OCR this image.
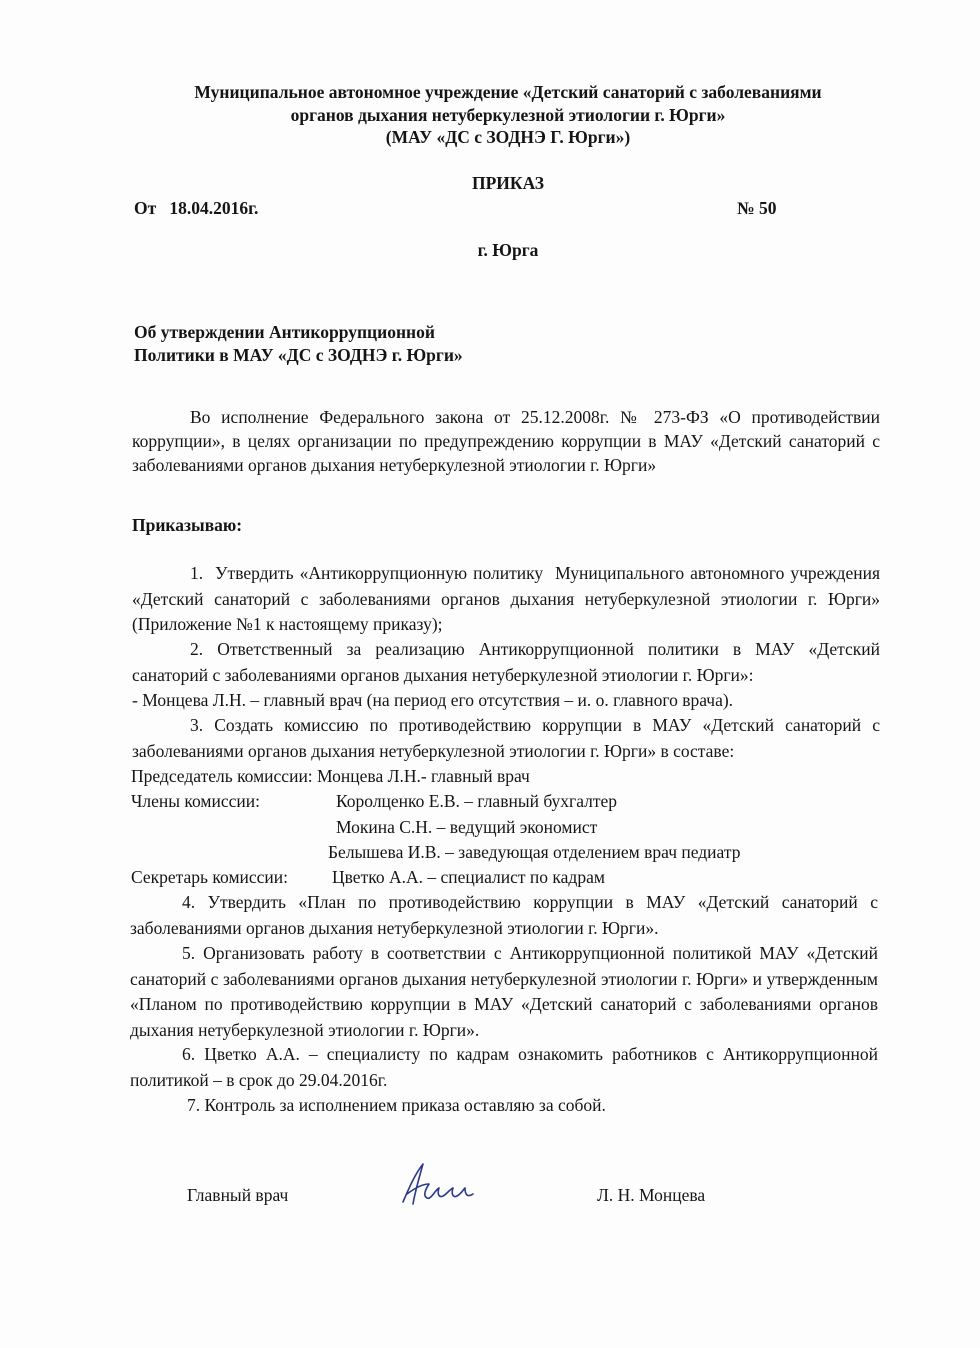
Муниципальное автономное учреждение «Детский санаторий с заболеваниями
органов дыхания нетуберкулезной этиологии г. Юрги»
(МАУ «ДС с ЗОДНЭ Г. Юрги»)
ПРИКАЗ
От   18.04.2016г.	№ 50
г. Юрга
Об утверждении Антикоррупционной
Политики в МАУ «ДС с ЗОДНЭ г. Юрги»
Во исполнение Федерального закона от 25.12.2008г. № 273-ФЗ «О противодействии коррупции», в целях организации по предупреждению коррупции в МАУ «Детский санаторий с заболеваниями органов дыхания нетуберкулезной этиологии г. Юрги»
Приказываю:
1.  Утвердить «Антикоррупционную политику  Муниципального автономного учреждения «Детский санаторий с заболеваниями органов дыхания нетуберкулезной этиологии г. Юрги»  (Приложение №1 к настоящему приказу);
2. Ответственный за реализацию Антикоррупционной политики в МАУ «Детский санаторий с заболеваниями органов дыхания нетуберкулезной этиологии г. Юрги»:
- Монцева Л.Н. – главный врач (на период его отсутствия – и. о. главного врача).
3. Создать комиссию по противодействию коррупции в МАУ «Детский санаторий с заболеваниями органов дыхания нетуберкулезной этиологии г. Юрги» в составе:
Председатель комиссии: Монцева Л.Н.- главный врач
Члены комиссии:	Королценко Е.В. – главный бухгалтер
Мокина С.Н. – ведущий экономист
Белышева И.В. – заведующая отделением врач педиатр
Секретарь комиссии:	Цветко А.А. – специалист по кадрам
4. Утвердить «План по противодействию коррупции в МАУ «Детский санаторий с заболеваниями органов дыхания нетуберкулезной этиологии г. Юрги».
5. Организовать работу в соответствии с Антикоррупционной политикой МАУ «Детский санаторий с заболеваниями органов дыхания нетуберкулезной этиологии г. Юрги» и утвержденным «Планом по противодействию коррупции в МАУ «Детский санаторий с заболеваниями органов дыхания нетуберкулезной этиологии г. Юрги».
6. Цветко А.А. – специалисту по кадрам ознакомить работников с Антикоррупционной политикой – в срок до 29.04.2016г.
7. Контроль за исполнением приказа оставляю за собой.
Главный врач	Л. Н. Монцева
